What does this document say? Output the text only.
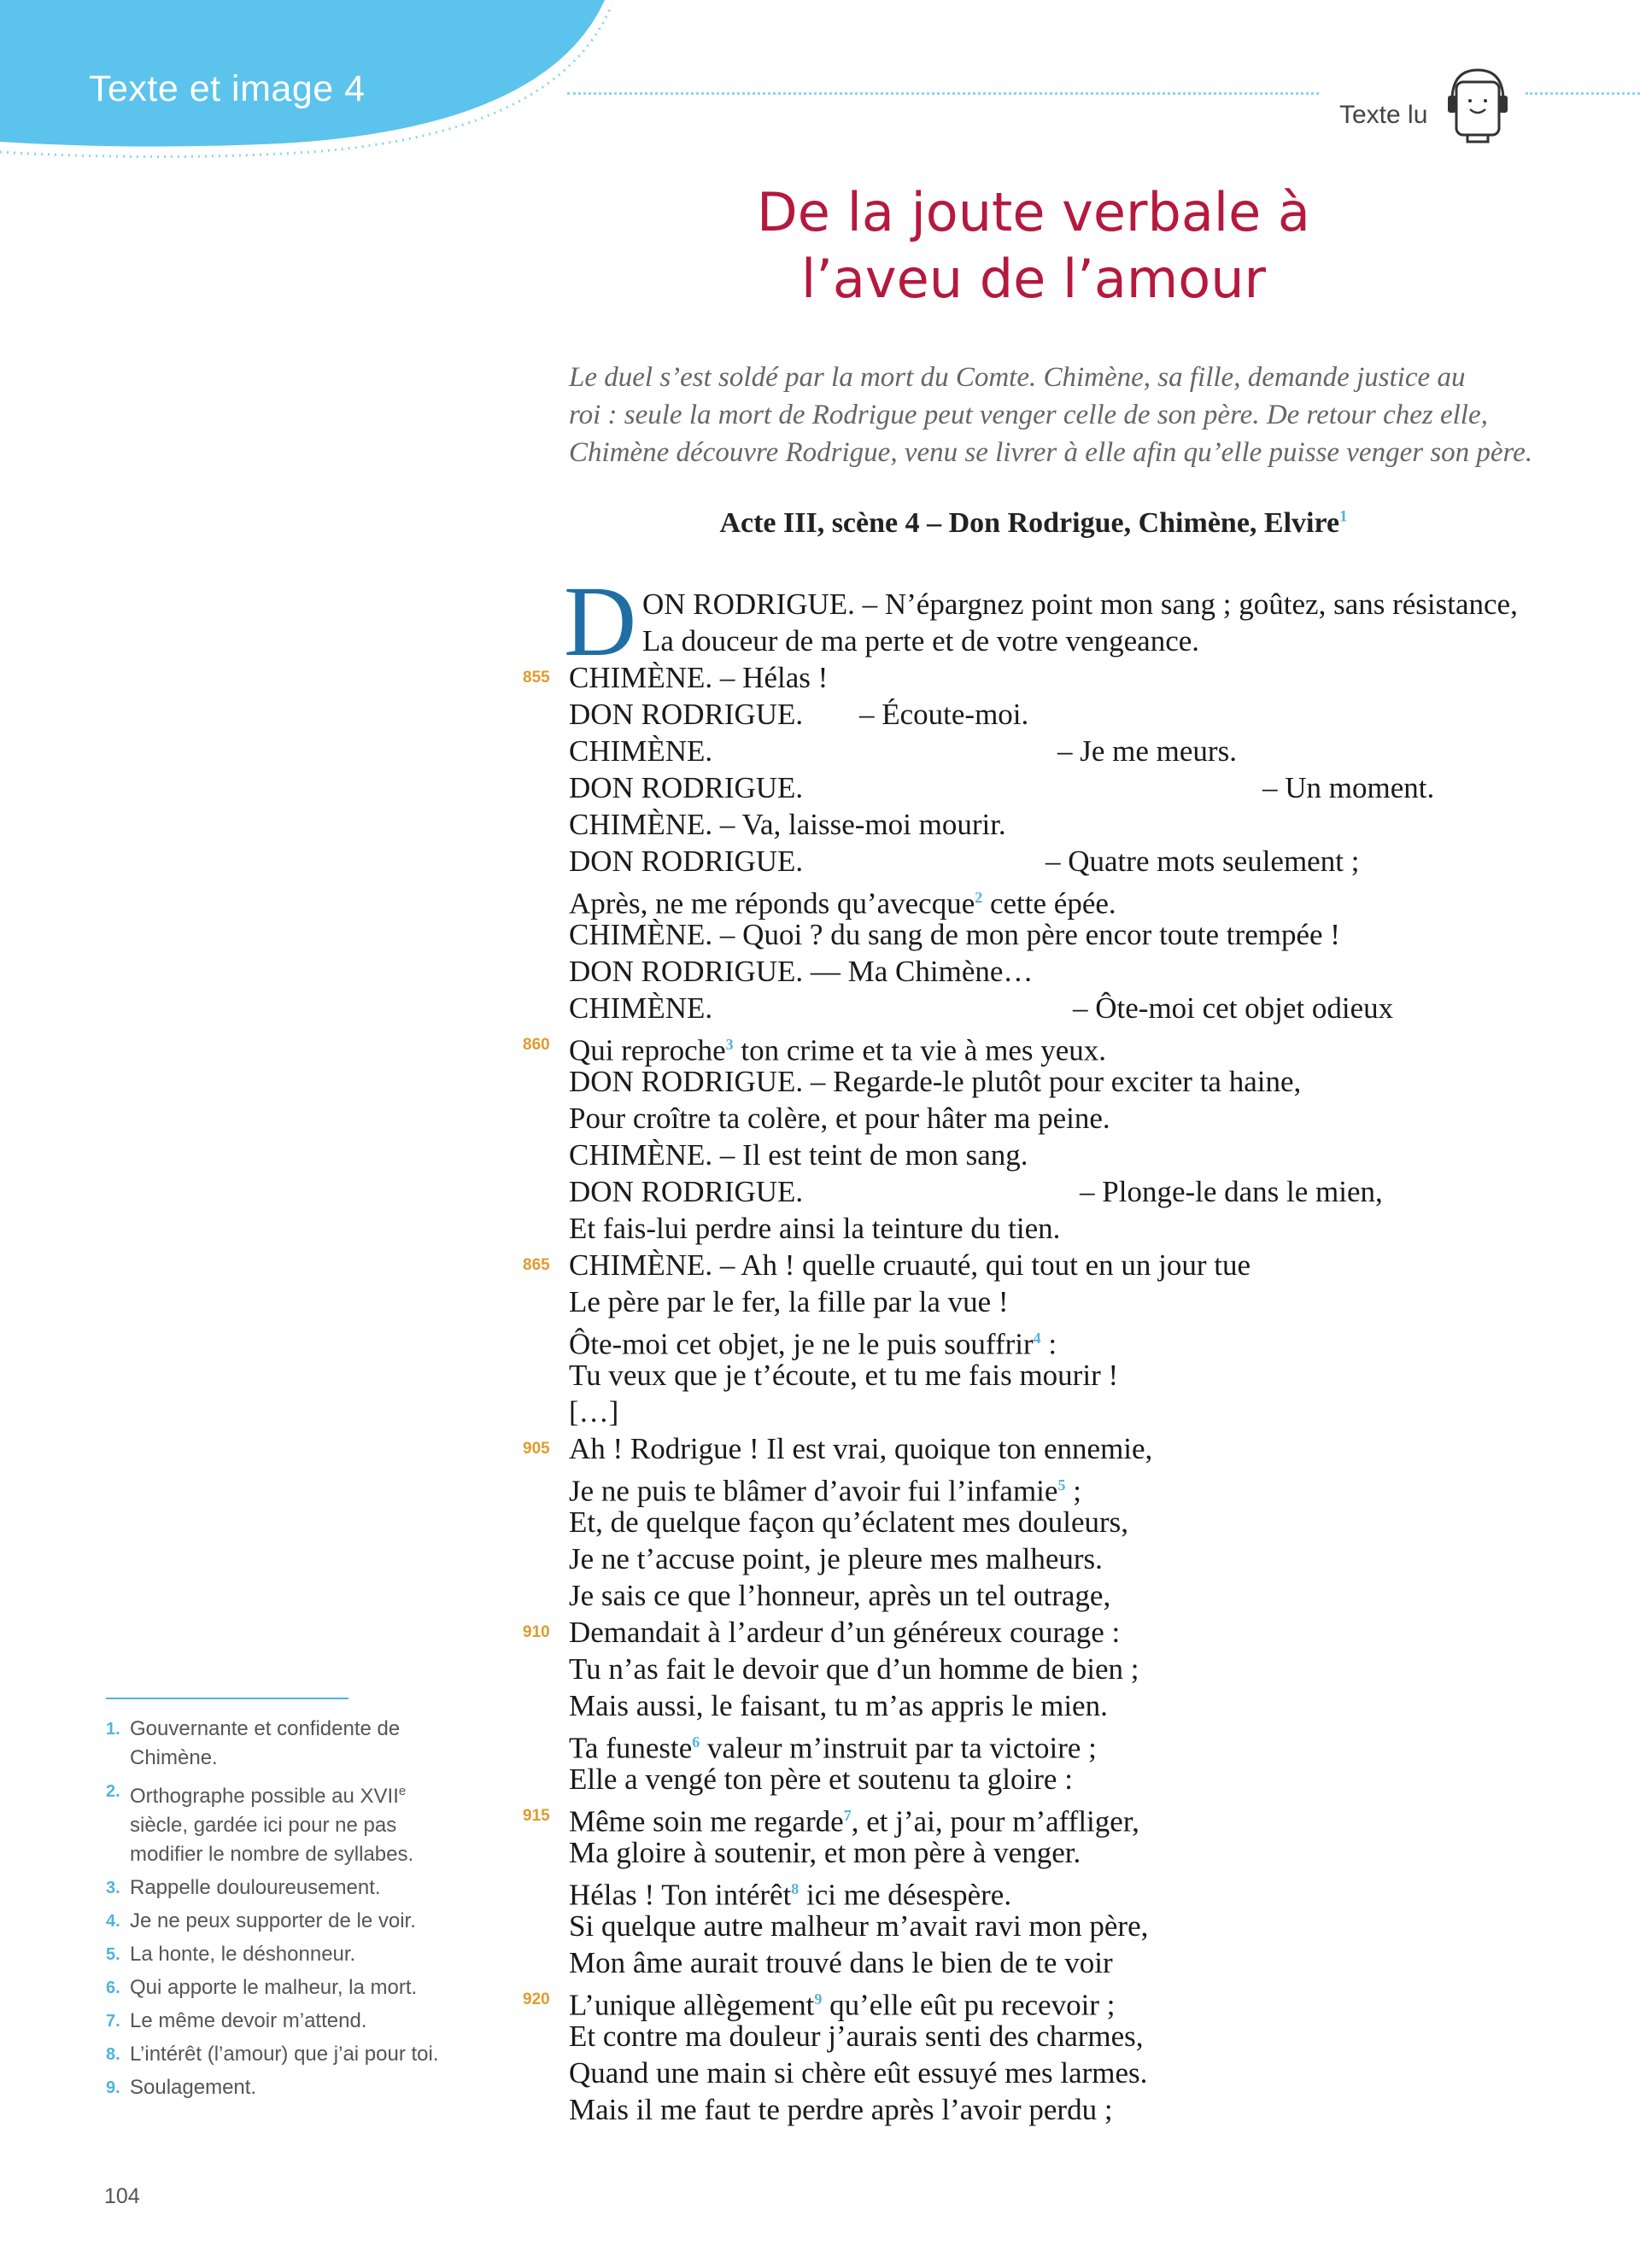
Texte et image 4
Texte lu
De la joute verbale à
l’aveu de l’amour
Le duel s’est soldé par la mort du Comte. Chimène, sa fille, demande justice au
roi : seule la mort de Rodrigue peut venger celle de son père. De retour chez elle,
Chimène découvre Rodrigue, venu se livrer à elle afin qu’elle puisse venger son père.
Acte III, scène 4 – Don Rodrigue, Chimène, Elvire$^1$
D ON RODRIGUE. – N’épargnez point mon sang ; goûtez, sans résistance,
La douceur de ma perte et de votre vengeance.
855 CHIMÈNE. – Hélas !
DON RODRIGUE. – Écoute-moi.
CHIMÈNE.	– Je me meurs.
DON RODRIGUE.	– Un moment.
CHIMÈNE. – Va, laisse-moi mourir.
DON RODRIGUE.	– Quatre mots seulement ;
Après, ne me réponds qu’avecque$^2$ cette épée.
CHIMÈNE. – Quoi ? du sang de mon père encor toute trempée !
DON RODRIGUE. — Ma Chimène…
CHIMÈNE.	– Ôte-moi cet objet odieux
860 Qui reproche$^3$ ton crime et ta vie à mes yeux.
DON RODRIGUE. – Regarde-le plutôt pour exciter ta haine,
Pour croître ta colère, et pour hâter ma peine.
CHIMÈNE. – Il est teint de mon sang.
DON RODRIGUE.	– Plonge-le dans le mien,
Et fais-lui perdre ainsi la teinture du tien.
865 CHIMÈNE. – Ah ! quelle cruauté, qui tout en un jour tue
Le père par le fer, la fille par la vue !
Ôte-moi cet objet, je ne le puis souffrir$^4$ :
Tu veux que je t’écoute, et tu me fais mourir !
[…]
905 Ah ! Rodrigue ! Il est vrai, quoique ton ennemie,
Je ne puis te blâmer d’avoir fui l’infamie$^5$ ;
Et, de quelque façon qu’éclatent mes douleurs,
Je ne t’accuse point, je pleure mes malheurs.
Je sais ce que l’honneur, après un tel outrage,
910 Demandait à l’ardeur d’un généreux courage :
Tu n’as fait le devoir que d’un homme de bien ;
Mais aussi, le faisant, tu m’as appris le mien.
Ta funeste$^6$ valeur m’instruit par ta victoire ;
Elle a vengé ton père et soutenu ta gloire :
915 Même soin me regarde$^7$, et j’ai, pour m’affliger,
Ma gloire à soutenir, et mon père à venger.
Hélas ! Ton intérêt$^8$ ici me désespère.
Si quelque autre malheur m’avait ravi mon père,
Mon âme aurait trouvé dans le bien de te voir
920 L’unique allègement$^9$ qu’elle eût pu recevoir ;
Et contre ma douleur j’aurais senti des charmes,
Quand une main si chère eût essuyé mes larmes.
Mais il me faut te perdre après l’avoir perdu ;
1. Gouvernante et confidente de Chimène.
2. Orthographe possible au XVIIe siècle, gardée ici pour ne pas modifier le nombre de syllabes.
3. Rappelle douloureusement.
4. Je ne peux supporter de le voir.
5. La honte, le déshonneur.
6. Qui apporte le malheur, la mort.
7. Le même devoir m’attend.
8. L’intérêt (l’amour) que j’ai pour toi.
9. Soulagement.
104
